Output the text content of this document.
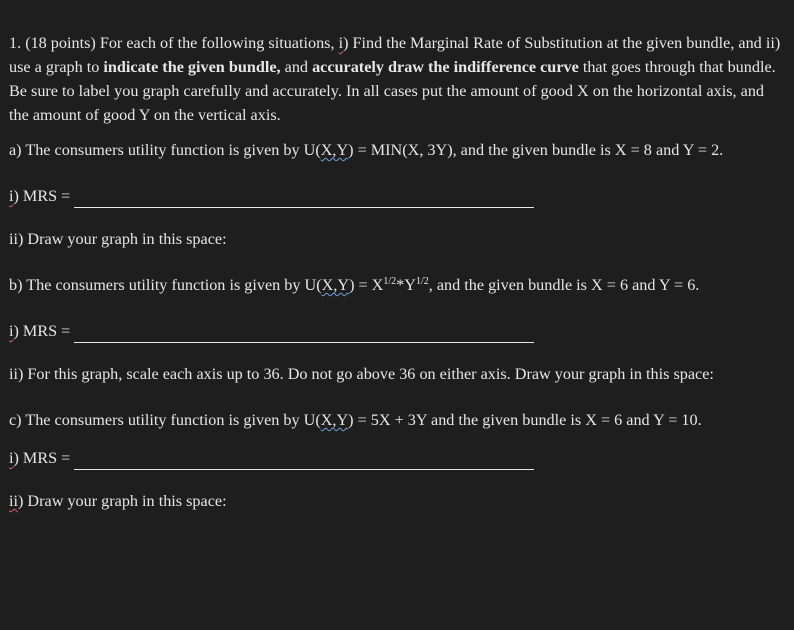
1. (18 points) For each of the following situations, i) Find the Marginal Rate of Substitution at the given bundle, and ii) use a graph to indicate the given bundle, and accurately draw the indifference curve that goes through that bundle. Be sure to label you graph carefully and accurately. In all cases put the amount of good X on the horizontal axis, and the amount of good Y on the vertical axis.

a) The consumers utility function is given by U(X,Y) = MIN(X, 3Y), and the given bundle is X = 8 and Y = 2.

i ) MRS =

ii) Draw your graph in this space:

b) The consumers utility function is given by $U(X,Y) = X^{1/2}*Y^{1/2}$, and the given bundle is X = 6 and Y = 6.

i ) MRS =

ii) For this graph, scale each axis up to 36. Do not go above 36 on either axis. Draw your graph in this space:

c) The consumers utility function is given by U(X,Y) = 5X + 3Y and the given bundle is X = 6 and Y = 10.

i ) MRS =

ii) Draw your graph in this space:
